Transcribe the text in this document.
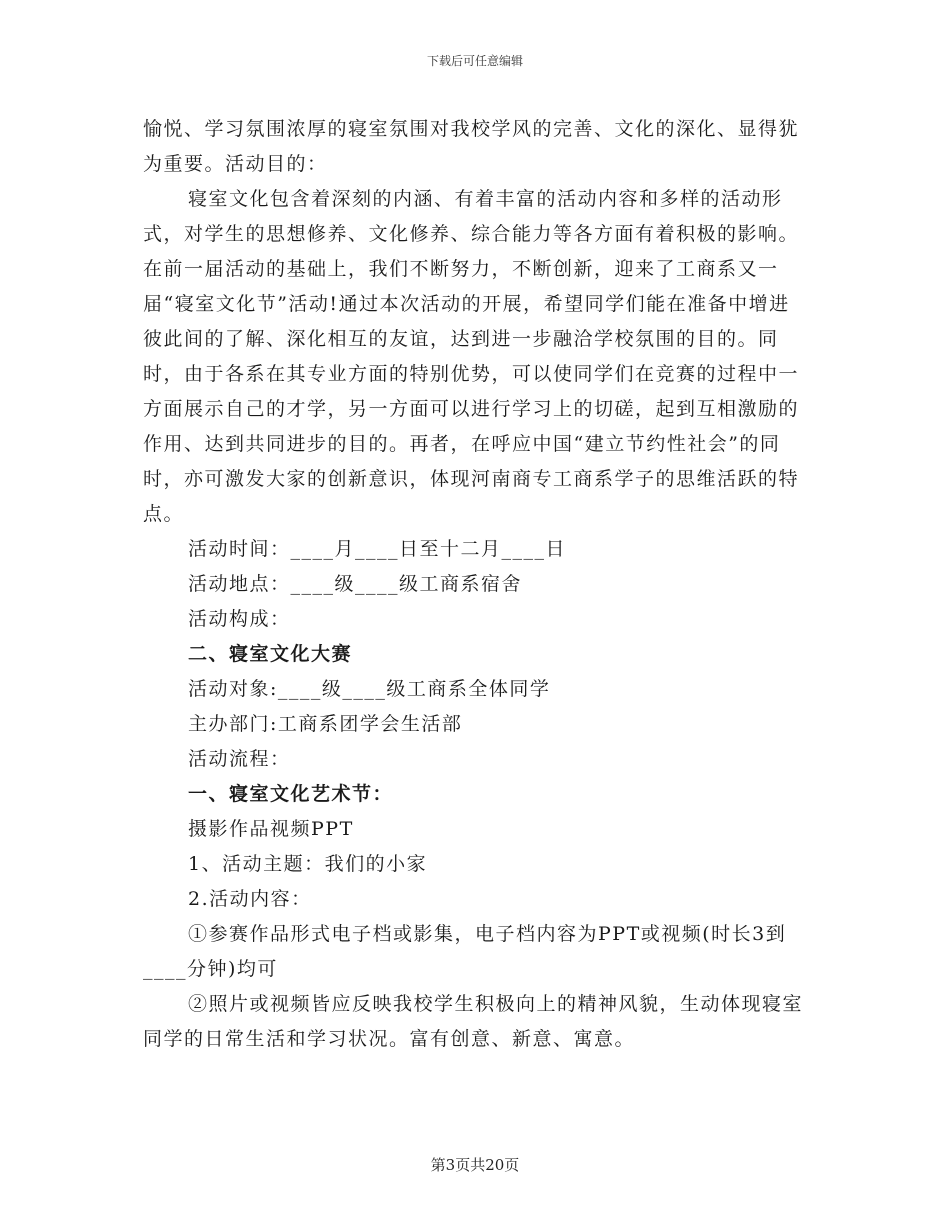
下载后可任意编辑

愉悦、学习氛围浓厚的寝室氛围对我校学风的完善、文化的深化、显得犹为重要。活动目的：

寝室文化包含着深刻的内涵、有着丰富的活动内容和多样的活动形式，对学生的思想修养、文化修养、综合能力等各方面有着积极的影响。在前一届活动的基础上，我们不断努力，不断创新，迎来了工商系又一届“寝室文化节”活动!通过本次活动的开展，希望同学们能在准备中增进彼此间的了解、深化相互的友谊，达到进一步融洽学校氛围的目的。同时，由于各系在其专业方面的特别优势，可以使同学们在竞赛的过程中一方面展示自己的才学，另一方面可以进行学习上的切磋，起到互相激励的作用、达到共同进步的目的。再者，在呼应中国“建立节约性社会”的同时，亦可激发大家的创新意识，体现河南商专工商系学子的思维活跃的特点。

活动时间：____月____日至十二月____日

活动地点：____级____级工商系宿舍

活动构成：

二、寝室文化大赛

活动对象:____级____级工商系全体同学

主办部门:工商系团学会生活部

活动流程：

一、寝室文化艺术节：

摄影作品视频PPT

1、活动主题：我们的小家

2.活动内容：

①参赛作品形式电子档或影集，电子档内容为PPT或视频(时长3到____分钟)均可

②照片或视频皆应反映我校学生积极向上的精神风貌，生动体现寝室同学的日常生活和学习状况。富有创意、新意、寓意。

第3页共20页
